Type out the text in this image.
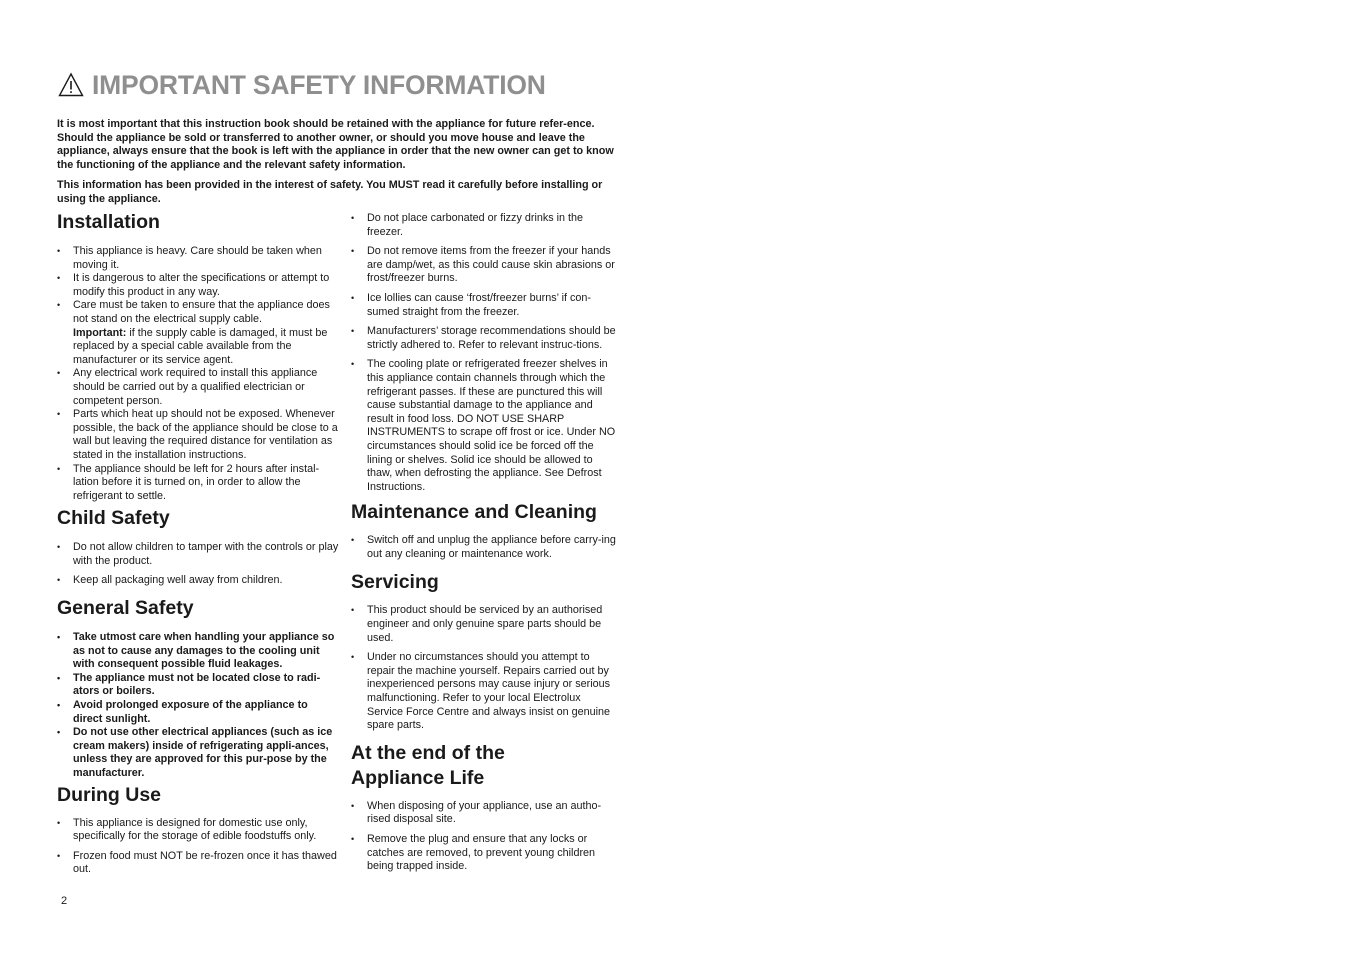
IMPORTANT SAFETY INFORMATION

It is most important that this instruction book should be retained with the appliance for future refer-ence. Should the appliance be sold or transferred to another owner, or should you move house and leave the appliance, always ensure that the book is left with the appliance in order that the new owner can get to know the functioning of the appliance and the relevant safety information.

This information has been provided in the interest of safety. You MUST read it carefully before installing or using the appliance.

Installation
• This appliance is heavy. Care should be taken when moving it.
• It is dangerous to alter the specifications or attempt to modify this product in any way.
• Care must be taken to ensure that the appliance does not stand on the electrical supply cable.
Important: if the supply cable is damaged, it must be replaced by a special cable available from the manufacturer or its service agent.
• Any electrical work required to install this appliance should be carried out by a qualified electrician or competent person.
• Parts which heat up should not be exposed. Whenever possible, the back of the appliance should be close to a wall but leaving the required distance for ventilation as stated in the installation instructions.
• The appliance should be left for 2 hours after instal-lation before it is turned on, in order to allow the refrigerant to settle.
Child Safety
• Do not allow children to tamper with the controls or play with the product.
• Keep all packaging well away from children.
General Safety
• Take utmost care when handling your appliance so as not to cause any damages to the cooling unit with consequent possible fluid leakages.
• The appliance must not be located close to radi-ators or boilers.
• Avoid prolonged exposure of the appliance to direct sunlight.
• Do not use other electrical appliances (such as ice cream makers) inside of refrigerating appli-ances, unless they are approved for this pur-pose by the manufacturer.
During Use
• This appliance is designed for domestic use only, specifically for the storage of edible foodstuffs only.
• Frozen food must NOT be re-frozen once it has thawed out.
• Do not place carbonated or fizzy drinks in the freezer.
• Do not remove items from the freezer if your hands are damp/wet, as this could cause skin abrasions or frost/freezer burns.
• Ice lollies can cause ‘frost/freezer burns’ if con-sumed straight from the freezer.
• Manufacturers’ storage recommendations should be strictly adhered to. Refer to relevant instruc-tions.
• The cooling plate or refrigerated freezer shelves in this appliance contain channels through which the refrigerant passes. If these are punctured this will cause substantial damage to the appliance and result in food loss. DO NOT USE SHARP INSTRUMENTS to scrape off frost or ice. Under NO circumstances should solid ice be forced off the lining or shelves. Solid ice should be allowed to thaw, when defrosting the appliance. See Defrost Instructions.
Maintenance and Cleaning
• Switch off and unplug the appliance before carry-ing out any cleaning or maintenance work.
Servicing
• This product should be serviced by an authorised engineer and only genuine spare parts should be used.
• Under no circumstances should you attempt to repair the machine yourself. Repairs carried out by inexperienced persons may cause injury or serious malfunctioning. Refer to your local Electrolux Service Force Centre and always insist on genuine spare parts.
At the end of the
Appliance Life
• When disposing of your appliance, use an autho-rised disposal site.
• Remove the plug and ensure that any locks or catches are removed, to prevent young children being trapped inside.
2
